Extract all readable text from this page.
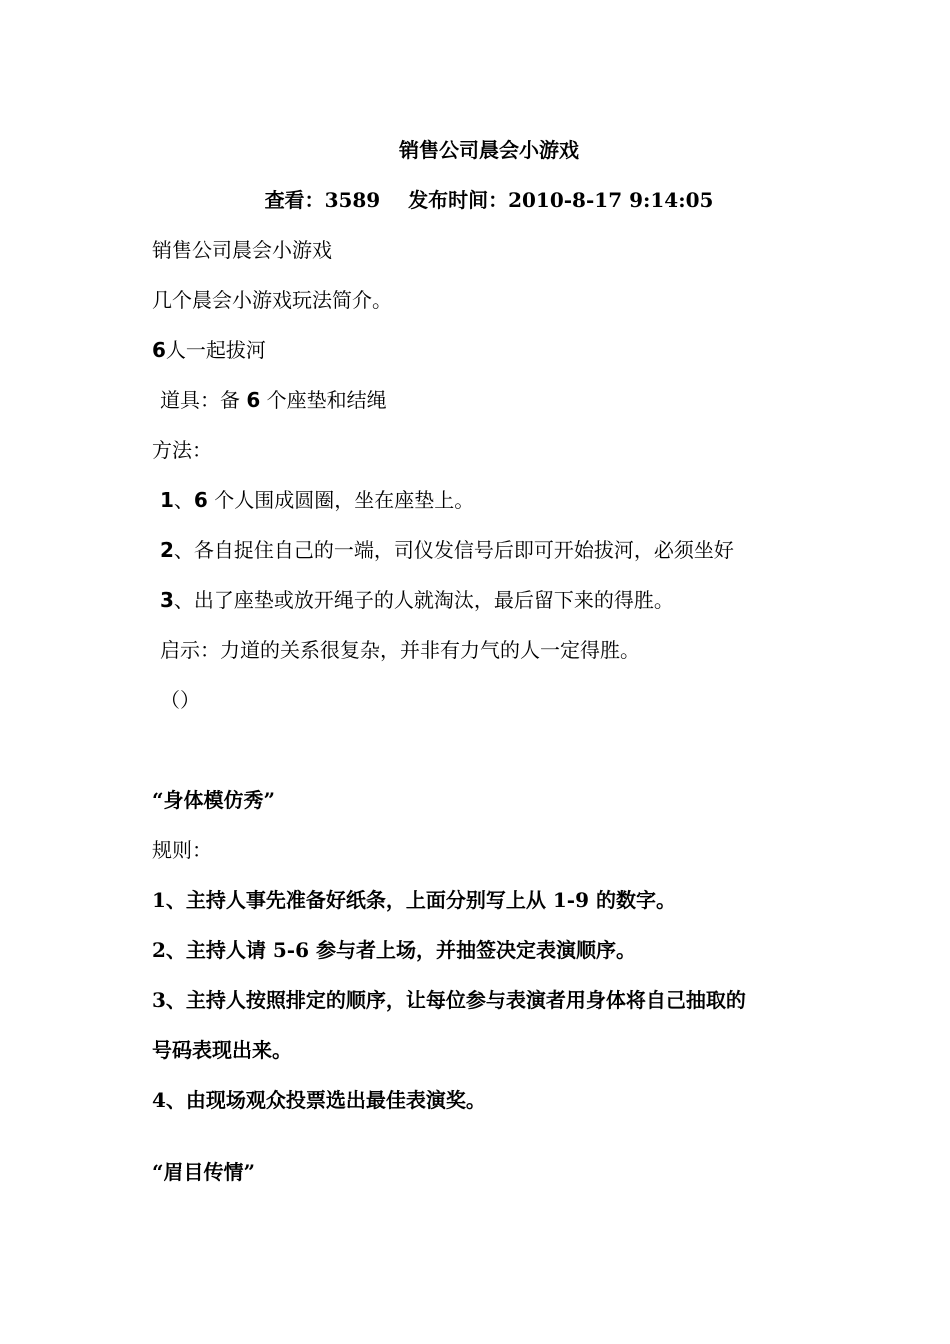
销售公司晨会小游戏
查看：3589 发布时间：2010-8-17 9:14:05
销售公司晨会小游戏
几个晨会小游戏玩法简介。
6人一起拔河
道具：备 6 个座垫和结绳
方法：
1、6 个人围成圆圈，坐在座垫上。
2、各自捉住自己的一端，司仪发信号后即可开始拔河，必须坐好
3、出了座垫或放开绳子的人就淘汰，最后留下来的得胜。
启示：力道的关系很复杂，并非有力气的人一定得胜。
（）
“身体模仿秀”
规则：
1、主持人事先准备好纸条，上面分别写上从 1-9 的数字。
2、主持人请 5-6 参与者上场，并抽签决定表演顺序。
3、主持人按照排定的顺序，让每位参与表演者用身体将自己抽取的
号码表现出来。
4、由现场观众投票选出最佳表演奖。
“眉目传情”
